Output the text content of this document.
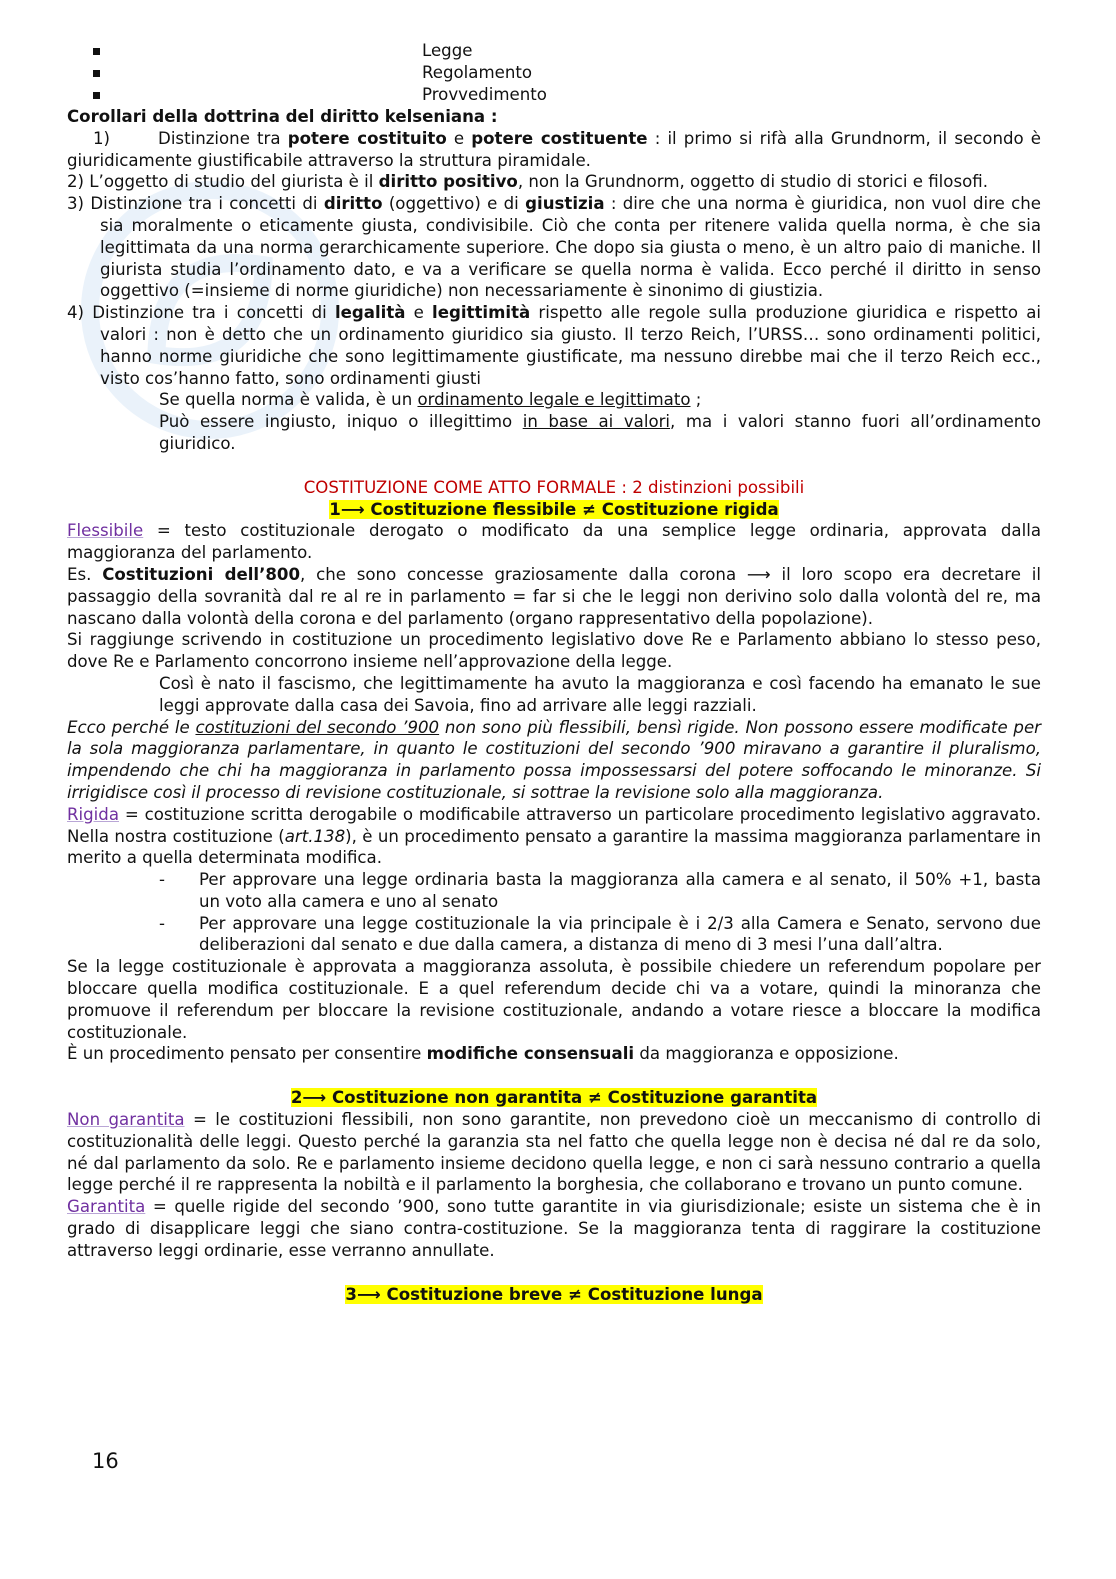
Legge
Regolamento
Provvedimento

Corollari della dottrina del diritto kelseniana :

1)	Distinzione tra potere costituito e potere costituente : il primo si rifà alla Grundnorm, il secondo è giuridicamente giustificabile attraverso la struttura piramidale.

2) L’oggetto di studio del giurista è il diritto positivo, non la Grundnorm, oggetto di studio di storici e filosofi.

3) Distinzione tra i concetti di diritto (oggettivo) e di giustizia : dire che una norma è giuridica, non vuol dire che sia moralmente o eticamente giusta, condivisibile. Ciò che conta per ritenere valida quella norma, è che sia legittimata da una norma gerarchicamente superiore. Che dopo sia giusta o meno, è un altro paio di maniche. Il giurista studia l’ordinamento dato, e va a verificare se quella norma è valida. Ecco perché il diritto in senso oggettivo (=insieme di norme giuridiche) non necessariamente è sinonimo di giustizia.

4) Distinzione tra i concetti di legalità e legittimità rispetto alle regole sulla produzione giuridica e rispetto ai valori : non è detto che un ordinamento giuridico sia giusto. Il terzo Reich, l’URSS… sono ordinamenti politici, hanno norme giuridiche che sono legittimamente giustificate, ma nessuno direbbe mai che il terzo Reich ecc., visto cos’hanno fatto, sono ordinamenti giusti

Se quella norma è valida, è un ordinamento legale e legittimato ;

Può essere ingiusto, iniquo o illegittimo in base ai valori, ma i valori stanno fuori all’ordinamento giuridico.

COSTITUZIONE COME ATTO FORMALE : 2 distinzioni possibili

1⟶ Costituzione flessibile ≠ Costituzione rigida

Flessibile = testo costituzionale derogato o modificato da una semplice legge ordinaria, approvata dalla maggioranza del parlamento.

Es. Costituzioni dell’800, che sono concesse graziosamente dalla corona ⟶ il loro scopo era decretare il passaggio della sovranità dal re al re in parlamento = far si che le leggi non derivino solo dalla volontà del re, ma nascano dalla volontà della corona e del parlamento (organo rappresentativo della popolazione).

Si raggiunge scrivendo in costituzione un procedimento legislativo dove Re e Parlamento abbiano lo stesso peso, dove Re e Parlamento concorrono insieme nell’approvazione della legge.

Così è nato il fascismo, che legittimamente ha avuto la maggioranza e così facendo ha emanato le sue leggi approvate dalla casa dei Savoia, fino ad arrivare alle leggi razziali.

Ecco perché le costituzioni del secondo ’900 non sono più flessibili, bensì rigide. Non possono essere modificate per la sola maggioranza parlamentare, in quanto le costituzioni del secondo ’900 miravano a garantire il pluralismo, impendendo che chi ha maggioranza in parlamento possa impossessarsi del potere soffocando le minoranze. Si irrigidisce così il processo di revisione costituzionale, si sottrae la revisione solo alla maggioranza.

Rigida = costituzione scritta derogabile o modificabile attraverso un particolare procedimento legislativo aggravato. Nella nostra costituzione (art.138), è un procedimento pensato a garantire la massima maggioranza parlamentare in merito a quella determinata modifica.

- Per approvare una legge ordinaria basta la maggioranza alla camera e al senato, il 50% +1, basta un voto alla camera e uno al senato
- Per approvare una legge costituzionale la via principale è i 2/3 alla Camera e Senato, servono due deliberazioni dal senato e due dalla camera, a distanza di meno di 3 mesi l’una dall’altra.

Se la legge costituzionale è approvata a maggioranza assoluta, è possibile chiedere un referendum popolare per bloccare quella modifica costituzionale. E a quel referendum decide chi va a votare, quindi la minoranza che promuove il referendum per bloccare la revisione costituzionale, andando a votare riesce a bloccare la modifica costituzionale.

È un procedimento pensato per consentire modifiche consensuali da maggioranza e opposizione.

2⟶ Costituzione non garantita ≠ Costituzione garantita

Non garantita = le costituzioni flessibili, non sono garantite, non prevedono cioè un meccanismo di controllo di costituzionalità delle leggi. Questo perché la garanzia sta nel fatto che quella legge non è decisa né dal re da solo, né dal parlamento da solo. Re e parlamento insieme decidono quella legge, e non ci sarà nessuno contrario a quella legge perché il re rappresenta la nobiltà e il parlamento la borghesia, che collaborano e trovano un punto comune.

Garantita = quelle rigide del secondo ’900, sono tutte garantite in via giurisdizionale; esiste un sistema che è in grado di disapplicare leggi che siano contra-costituzione. Se la maggioranza tenta di raggirare la costituzione attraverso leggi ordinarie, esse verranno annullate.

3⟶ Costituzione breve ≠ Costituzione lunga

16
